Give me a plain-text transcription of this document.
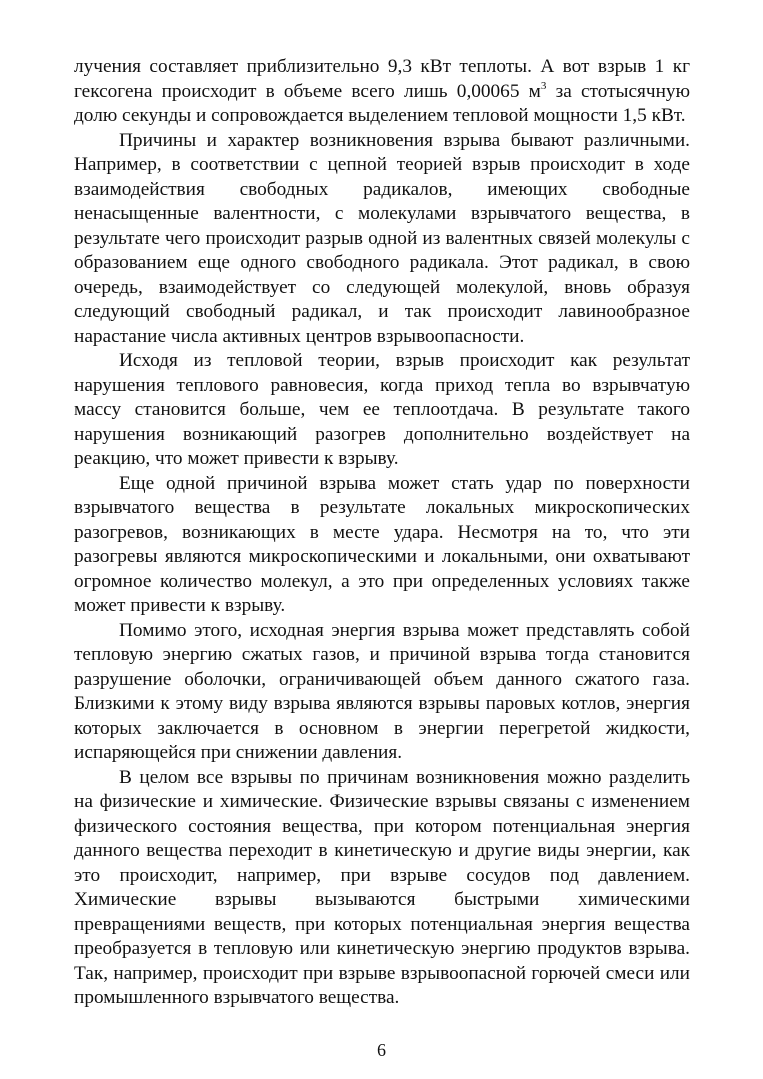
лучения составляет приблизительно 9,3 кВт теплоты. А вот взрыв 1 кг гексогена происходит в объеме всего лишь 0,00065 $м^3$ за стотысячную долю секунды и сопровождается выделением тепловой мощности 1,5 кВт.

Причины и характер возникновения взрыва бывают различными. Например, в соответствии с цепной теорией взрыв происходит в ходе взаимодействия свободных радикалов, имеющих свободные ненасыщенные валентности, с молекулами взрывчатого вещества, в результате чего происходит разрыв одной из валентных связей молекулы с образованием еще одного свободного радикала. Этот радикал, в свою очередь, взаимодействует со следующей молекулой, вновь образуя следующий свободный радикал, и так происходит лавинообразное нарастание числа активных центров взрывоопасности.

Исходя из тепловой теории, взрыв происходит как результат нарушения теплового равновесия, когда приход тепла во взрывчатую массу становится больше, чем ее теплоотдача. В результате такого нарушения возникающий разогрев дополнительно воздействует на реакцию, что может привести к взрыву.

Еще одной причиной взрыва может стать удар по поверхности взрывчатого вещества в результате локальных микроскопических разогревов, возникающих в месте удара. Несмотря на то, что эти разогревы являются микроскопическими и локальными, они охватывают огромное количество молекул, а это при определенных условиях также может привести к взрыву.

Помимо этого, исходная энергия взрыва может представлять собой тепловую энергию сжатых газов, и причиной взрыва тогда становится разрушение оболочки, ограничивающей объем данного сжатого газа. Близкими к этому виду взрыва являются взрывы паровых котлов, энергия которых заключается в основном в энергии перегретой жидкости, испаряющейся при снижении давления.

В целом все взрывы по причинам возникновения можно разделить на физические и химические. Физические взрывы связаны с изменением физического состояния вещества, при котором потенциальная энергия данного вещества переходит в кинетическую и другие виды энергии, как это происходит, например, при взрыве сосудов под давлением. Химические взрывы вызываются быстрыми химическими превращениями веществ, при которых потенциальная энергия вещества преобразуется в тепловую или кинетическую энергию продуктов взрыва. Так, например, происходит при взрыве взрывоопасной горючей смеси или промышленного взрывчатого вещества.

6
